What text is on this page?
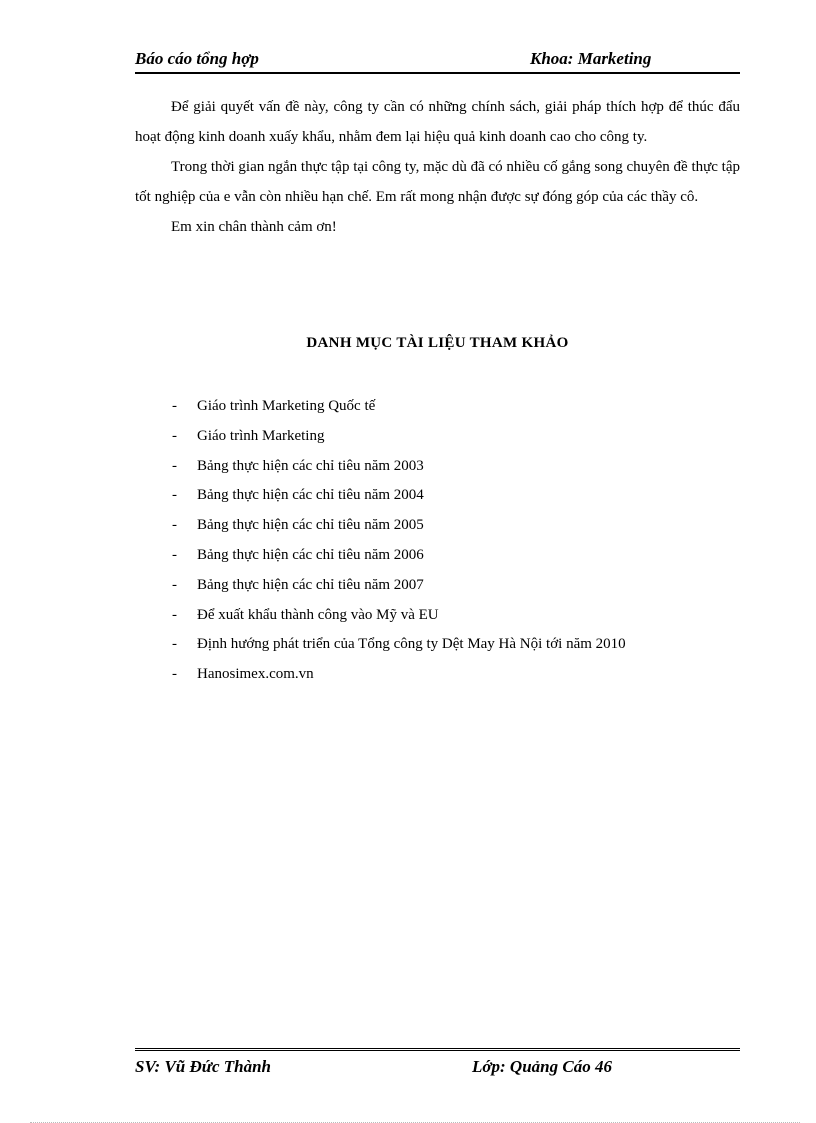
Báo cáo tổng hợp	Khoa: Marketing

Để giải quyết vấn đề này, công ty cần có những chính sách, giải pháp thích hợp để thúc đẩu hoạt động kinh doanh xuấy khẩu, nhằm đem lại hiệu quả kinh doanh cao cho công ty.

Trong thời gian ngắn thực tập tại công ty, mặc dù đã có nhiều cố gắng song chuyên đề thực tập tốt nghiệp của e vẫn còn nhiều hạn chế. Em rất mong nhận được sự đóng góp của các thầy cô.

Em xin chân thành cảm ơn!

DANH MỤC TÀI LIỆU THAM KHẢO
- Giáo trình Marketing Quốc tế
- Giáo trình Marketing
- Bảng thực hiện các chỉ tiêu năm 2003
- Bảng thực hiện các chỉ tiêu năm 2004
- Bảng thực hiện các chỉ tiêu năm 2005
- Bảng thực hiện các chỉ tiêu năm 2006
- Bảng thực hiện các chỉ tiêu năm 2007
- Để xuất khẩu thành công vào Mỹ và EU
- Định hướng phát triển của Tổng công ty Dệt May Hà Nội tới năm 2010
- Hanosimex.com.vn
SV: Vũ Đức Thành	Lớp: Quảng Cáo 46
